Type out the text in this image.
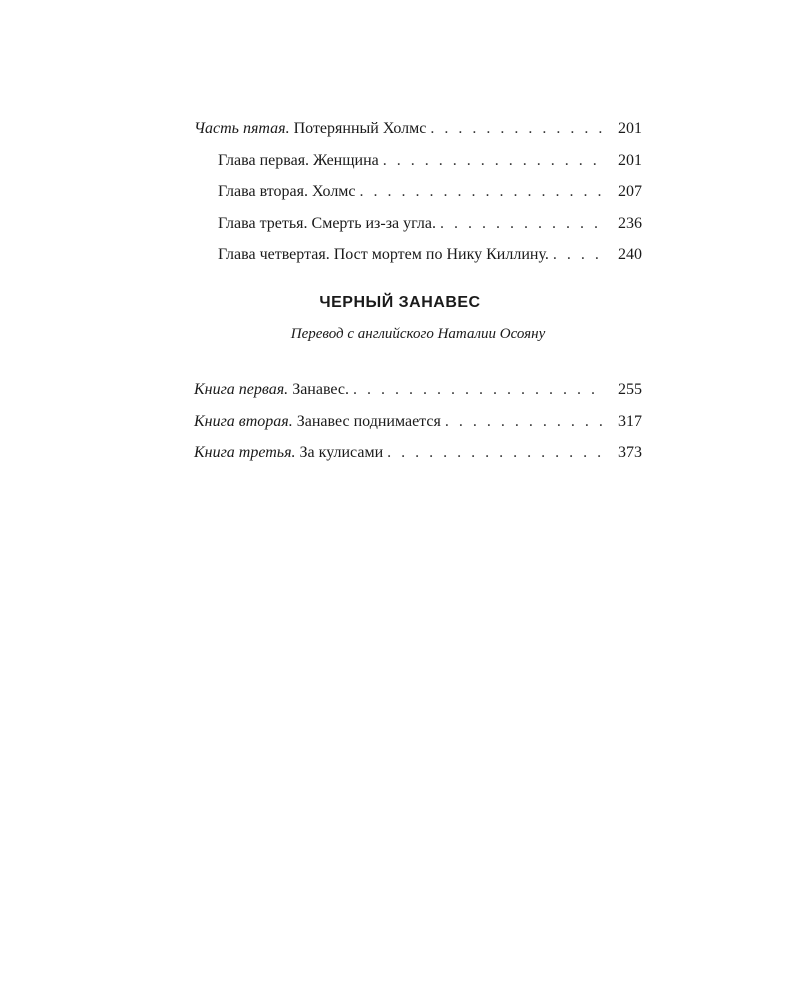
Часть пятая. Потерянный Холмс . . .	201
Глава первая. Женщина . . .	201
Глава вторая. Холмс . . .	207
Глава третья. Смерть из-за угла. . . .	236
Глава четвертая. Пост мортем по Нику Киллину. . . .	240
ЧЕРНЫЙ ЗАНАВЕС
Перевод с английского Наталии Осояну
Книга первая. Занавес. . . .	255
Книга вторая. Занавес поднимается . . .	317
Книга третья. За кулисами . . .	373
